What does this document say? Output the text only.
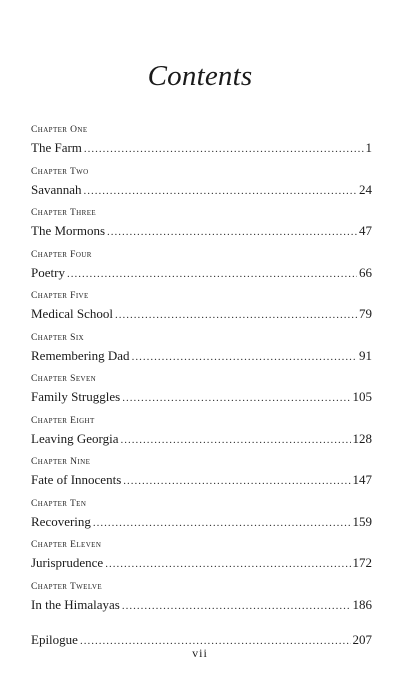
Contents
Chapter One
The Farm .....	1
Chapter Two
Savannah .....	24
Chapter Three
The Mormons .....	47
Chapter Four
Poetry .....	66
Chapter Five
Medical School .....	79
Chapter Six
Remembering Dad .....	91
Chapter Seven
Family Struggles .....	105
Chapter Eight
Leaving Georgia .....	128
Chapter Nine
Fate of Innocents .....	147
Chapter Ten
Recovering .....	159
Chapter Eleven
Jurisprudence .....	172
Chapter Twelve
In the Himalayas .....	186
Epilogue .....	207
vii
